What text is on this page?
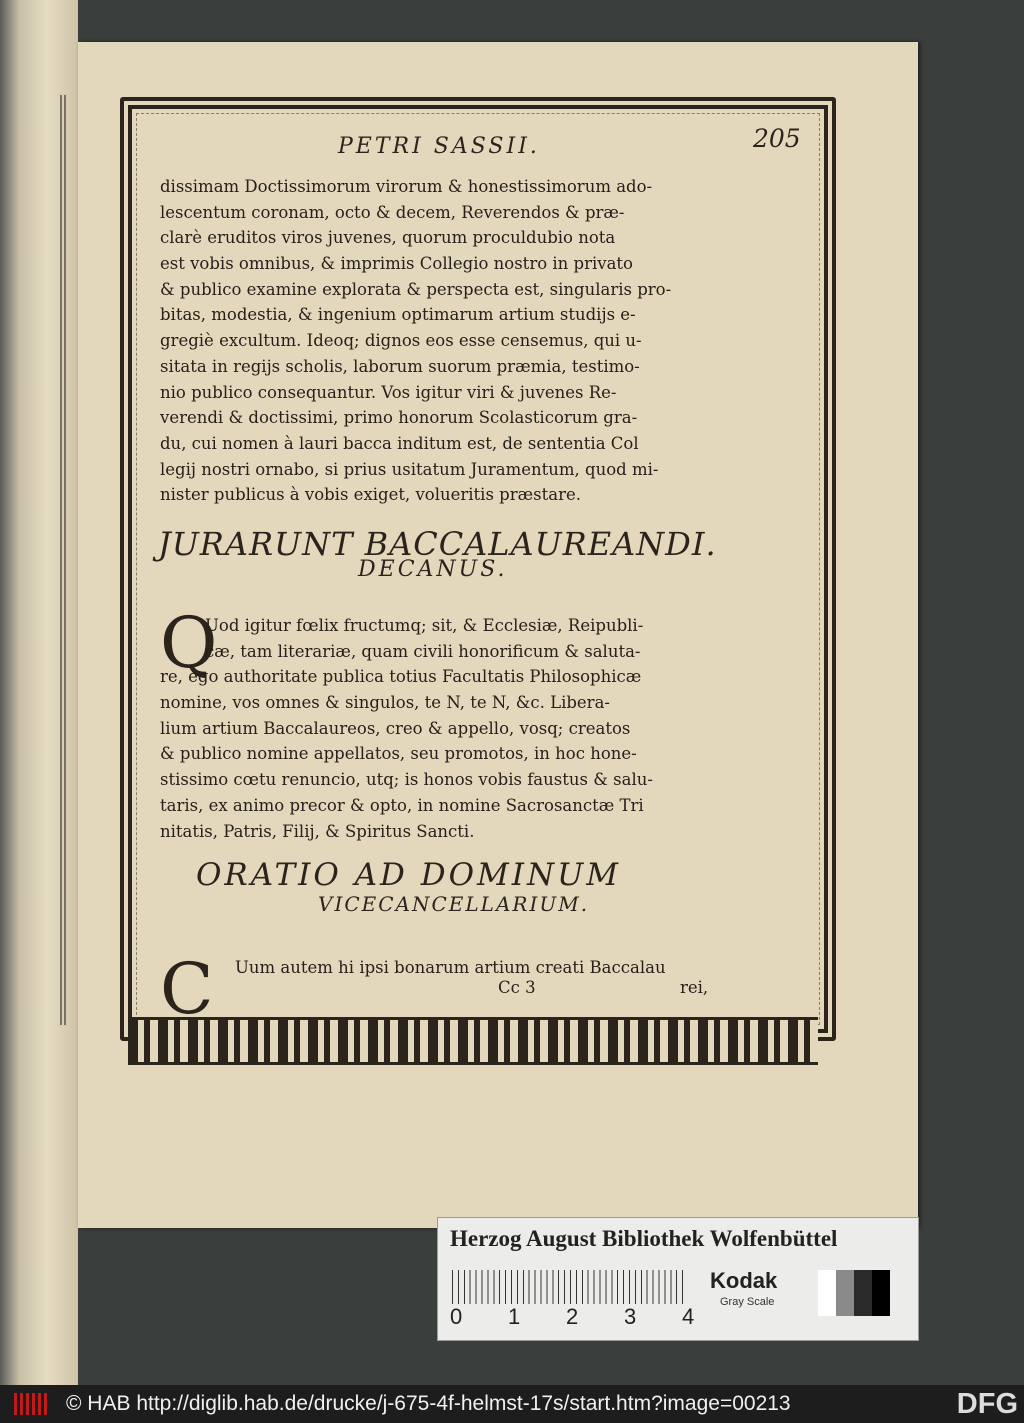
205
PETRI SASSII.

dissimam Doctissimorum virorum & honestissimorum ado-
lescentum coronam, octo & decem, Reverendos & præ-
clarè eruditos viros juvenes, quorum proculdubio nota
est vobis omnibus, & imprimis Collegio nostro in privato
& publico examine explorata & perspecta est, singularis pro-
bitas, modestia, & ingenium optimarum artium studijs e-
gregiè excultum. Ideoq; dignos eos esse censemus, qui u-
sitata in regijs scholis, laborum suorum præmia, testimo-
nio publico consequantur. Vos igitur viri & juvenes Re-
verendi & doctissimi, primo honorum Scolasticorum gra-
du, cui nomen à lauri bacca inditum est, de sententia Col
legij nostri ornabo, si prius usitatum Juramentum, quod mi-
nister publicus à vobis exiget, volueritis præstare.

JURARUNT BACCALAUREANDI.
DECANUS.
Q

Uod igitur fœlix fructumq; sit, & Ecclesiæ, Reipubli-
cæ, tam literariæ, quam civili honorificum & saluta-
re, ego authoritate publica totius Facultatis Philosophicæ
nomine, vos omnes & singulos, te N, te N, &c. Libera-
lium artium Baccalaureos, creo & appello, vosq; creatos
& publico nomine appellatos, seu promotos, in hoc hone-
stissimo cœtu renuncio, utq; is honos vobis faustus & salu-
taris, ex animo precor & opto, in nomine Sacrosanctæ Tri
nitatis, Patris, Filij, & Spiritus Sancti.

ORATIO AD DOMINUM
VICECANCELLARIUM.
C	Uum autem hi ipsi bonarum artium creati Baccalau
Cc 3	rei,
Herzog August Bibliothek Wolfenbüttel
0 1 2 3 4
Kodak
Gray Scale
© HAB http://diglib.hab.de/drucke/j-675-4f-helmst-17s/start.htm?image=00213	DFG
